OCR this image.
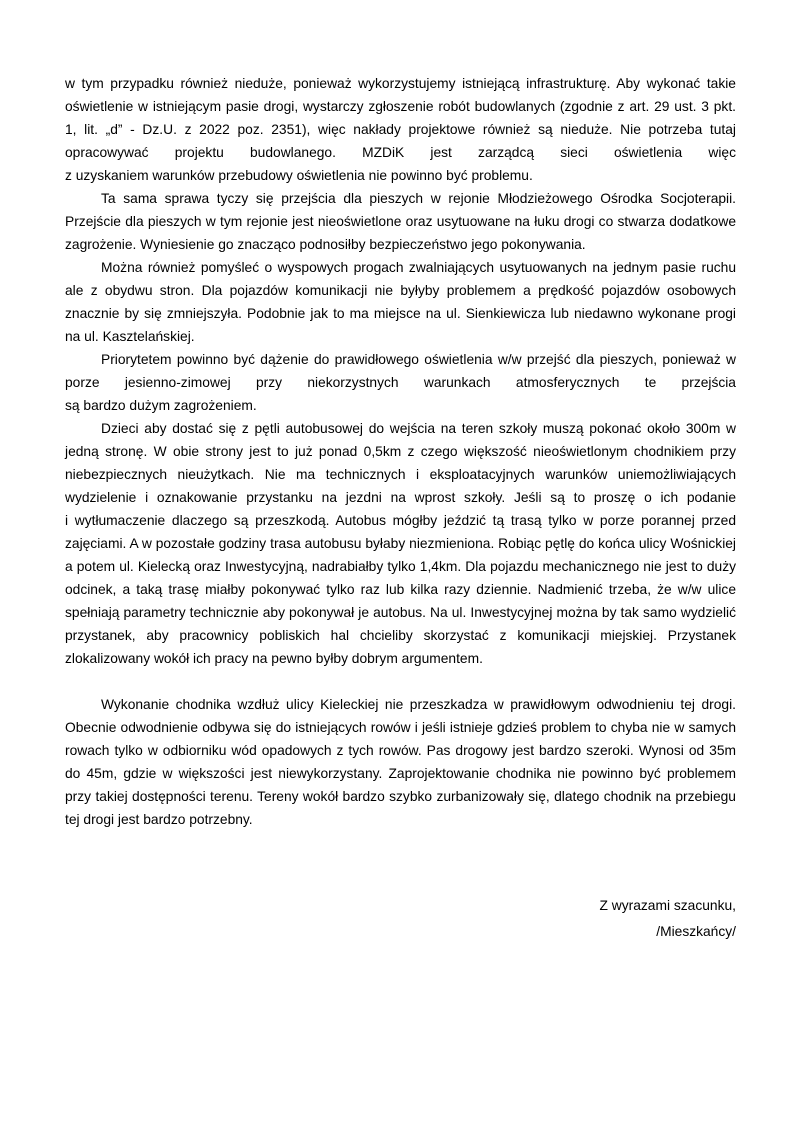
w tym przypadku również nieduże, ponieważ wykorzystujemy istniejącą infrastrukturę. Aby wykonać takie oświetlenie w istniejącym pasie drogi, wystarczy zgłoszenie robót budowlanych (zgodnie z art. 29 ust. 3 pkt. 1, lit. „d” - Dz.U. z 2022 poz. 2351), więc nakłady projektowe również są nieduże. Nie potrzeba tutaj opracowywać projektu budowlanego. MZDiK jest zarządcą sieci oświetlenia więc z uzyskaniem warunków przebudowy oświetlenia nie powinno być problemu.

Ta sama sprawa tyczy się przejścia dla pieszych w rejonie Młodzieżowego Ośrodka Socjoterapii. Przejście dla pieszych w tym rejonie jest nieoświetlone oraz usytuowane na łuku drogi co stwarza dodatkowe zagrożenie. Wyniesienie go znacząco podnosiłby bezpieczeństwo jego pokonywania.

Można również pomyśleć o wyspowych progach zwalniających usytuowanych na jednym pasie ruchu ale z obydwu stron. Dla pojazdów komunikacji nie byłyby problemem a prędkość pojazdów osobowych znacznie by się zmniejszyła. Podobnie jak to ma miejsce na ul. Sienkiewicza lub niedawno wykonane progi na ul. Kasztelańskiej.

Priorytetem powinno być dążenie do prawidłowego oświetlenia w/w przejść dla pieszych, ponieważ w porze jesienno-zimowej przy niekorzystnych warunkach atmosferycznych te przejścia są bardzo dużym zagrożeniem.

Dzieci aby dostać się z pętli autobusowej do wejścia na teren szkoły muszą pokonać około 300m w jedną stronę. W obie strony jest to już ponad 0,5km z czego większość nieoświetlonym chodnikiem przy niebezpiecznych nieużytkach. Nie ma technicznych i eksploatacyjnych warunków uniemożliwiających wydzielenie i oznakowanie przystanku na jezdni na wprost szkoły. Jeśli są to proszę o ich podanie i wytłumaczenie dlaczego są przeszkodą. Autobus mógłby jeździć tą trasą tylko w porze porannej przed zajęciami. A w pozostałe godziny trasa autobusu byłaby niezmieniona. Robiąc pętlę do końca ulicy Wośnickiej a potem ul. Kielecką oraz Inwestycyjną, nadrabiałby tylko 1,4km. Dla pojazdu mechanicznego nie jest to duży odcinek, a taką trasę miałby pokonywać tylko raz lub kilka razy dziennie. Nadmienić trzeba, że w/w ulice spełniają parametry technicznie aby pokonywał je autobus. Na ul. Inwestycyjnej można by tak samo wydzielić przystanek, aby pracownicy pobliskich hal chcieliby skorzystać z komunikacji miejskiej. Przystanek zlokalizowany wokół ich pracy na pewno byłby dobrym argumentem.

Wykonanie chodnika wzdłuż ulicy Kieleckiej nie przeszkadza w prawidłowym odwodnieniu tej drogi. Obecnie odwodnienie odbywa się do istniejących rowów i jeśli istnieje gdzieś problem to chyba nie w samych rowach tylko w odbiorniku wód opadowych z tych rowów. Pas drogowy jest bardzo szeroki. Wynosi od 35m do 45m, gdzie w większości jest niewykorzystany. Zaprojektowanie chodnika nie powinno być problemem przy takiej dostępności terenu. Tereny wokół bardzo szybko zurbanizowały się, dlatego chodnik na przebiegu tej drogi jest bardzo potrzebny.

Z wyrazami szacunku,

/Mieszkańcy/
